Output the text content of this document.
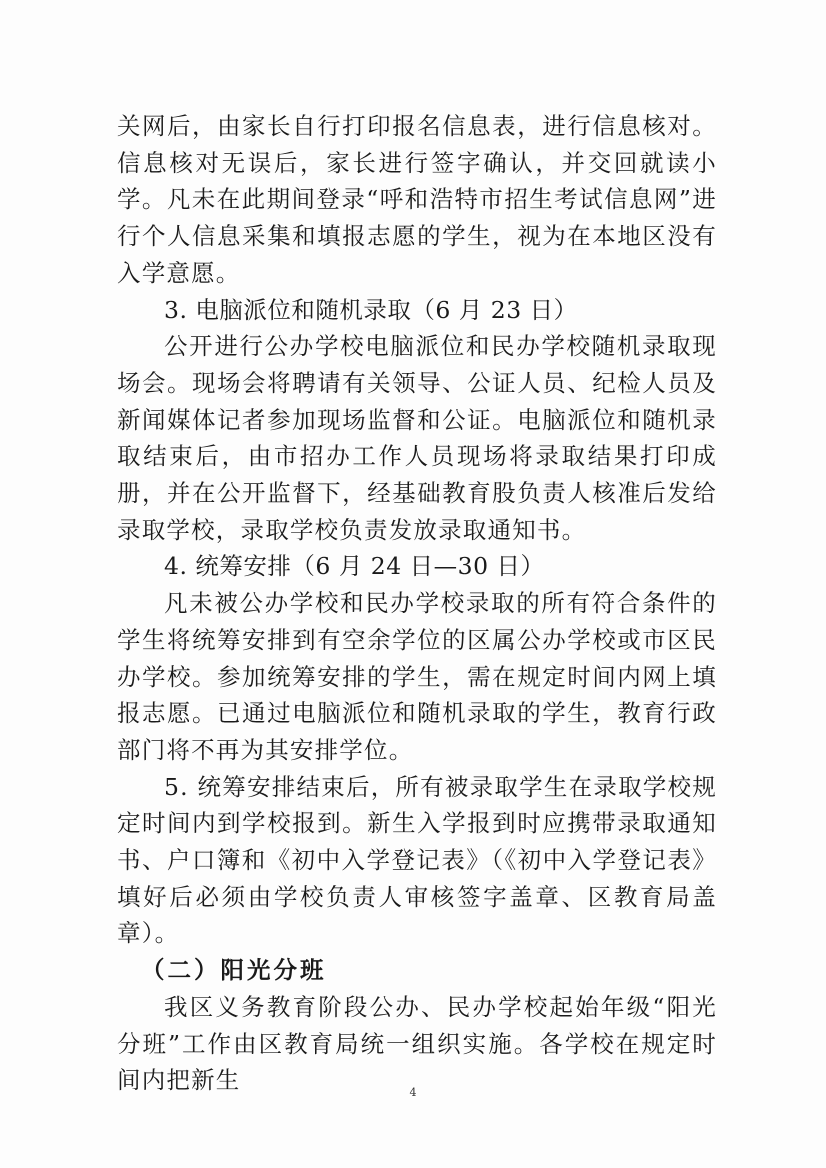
关网后，由家长自行打印报名信息表，进行信息核对。信息核对无误后，家长进行签字确认，并交回就读小学。凡未在此期间登录“呼和浩特市招生考试信息网”进行个人信息采集和填报志愿的学生，视为在本地区没有入学意愿。

3. 电脑派位和随机录取（6 月 23 日）

公开进行公办学校电脑派位和民办学校随机录取现场会。现场会将聘请有关领导、公证人员、纪检人员及新闻媒体记者参加现场监督和公证。电脑派位和随机录取结束后，由市招办工作人员现场将录取结果打印成册，并在公开监督下，经基础教育股负责人核准后发给录取学校，录取学校负责发放录取通知书。

4. 统筹安排（6 月 24 日—30 日）

凡未被公办学校和民办学校录取的所有符合条件的学生将统筹安排到有空余学位的区属公办学校或市区民办学校。参加统筹安排的学生，需在规定时间内网上填报志愿。已通过电脑派位和随机录取的学生，教育行政部门将不再为其安排学位。

5. 统筹安排结束后，所有被录取学生在录取学校规定时间内到学校报到。新生入学报到时应携带录取通知书、户口簿和《初中入学登记表》（《初中入学登记表》填好后必须由学校负责人审核签字盖章、区教育局盖章）。

（二）阳光分班

我区义务教育阶段公办、民办学校起始年级“阳光分班”工作由区教育局统一组织实施。各学校在规定时间内把新生	4
